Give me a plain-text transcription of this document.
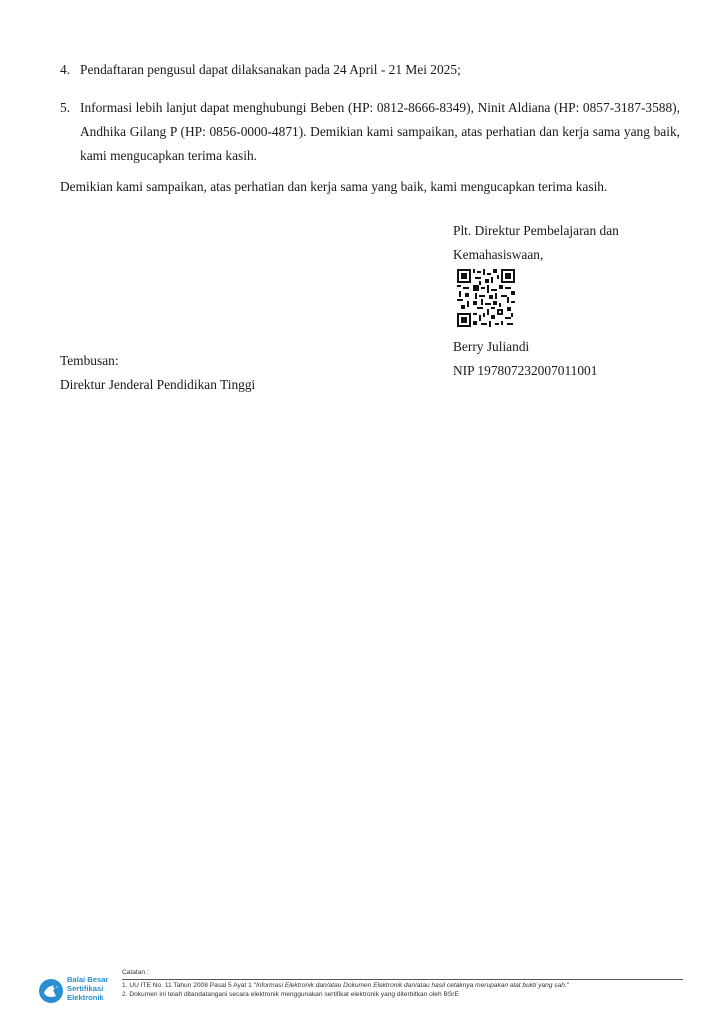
4. Pendaftaran pengusul dapat dilaksanakan pada 24 April - 21 Mei 2025;
5. Informasi lebih lanjut dapat menghubungi Beben (HP: 0812-8666-8349), Ninit Aldiana (HP: 0857-3187-3588), Andhika Gilang P (HP: 0856-0000-4871). Demikian kami sampaikan, atas perhatian dan kerja sama yang baik, kami mengucapkan terima kasih.

Demikian kami sampaikan, atas perhatian dan kerja sama yang baik, kami mengucapkan terima kasih.

Plt. Direktur Pembelajaran dan Kemahasiswaan,

Berry Juliandi

NIP 197807232007011001

Tembusan:

Direktur Jenderal Pendidikan Tinggi

Balai Besar
Sertifikasi
Elektronik

Catatan :

1. UU ITE No. 11 Tahun 2008 Pasal 5 Ayat 1 "Informasi Elektronik dan/atau Dokumen Elektronik dan/atau hasil cetaknya merupakan alat bukti yang sah."

2. Dokumen ini telah ditandatangani secara elektronik menggunakan sertifikat elektronik yang diterbitkan oleh BSrE
